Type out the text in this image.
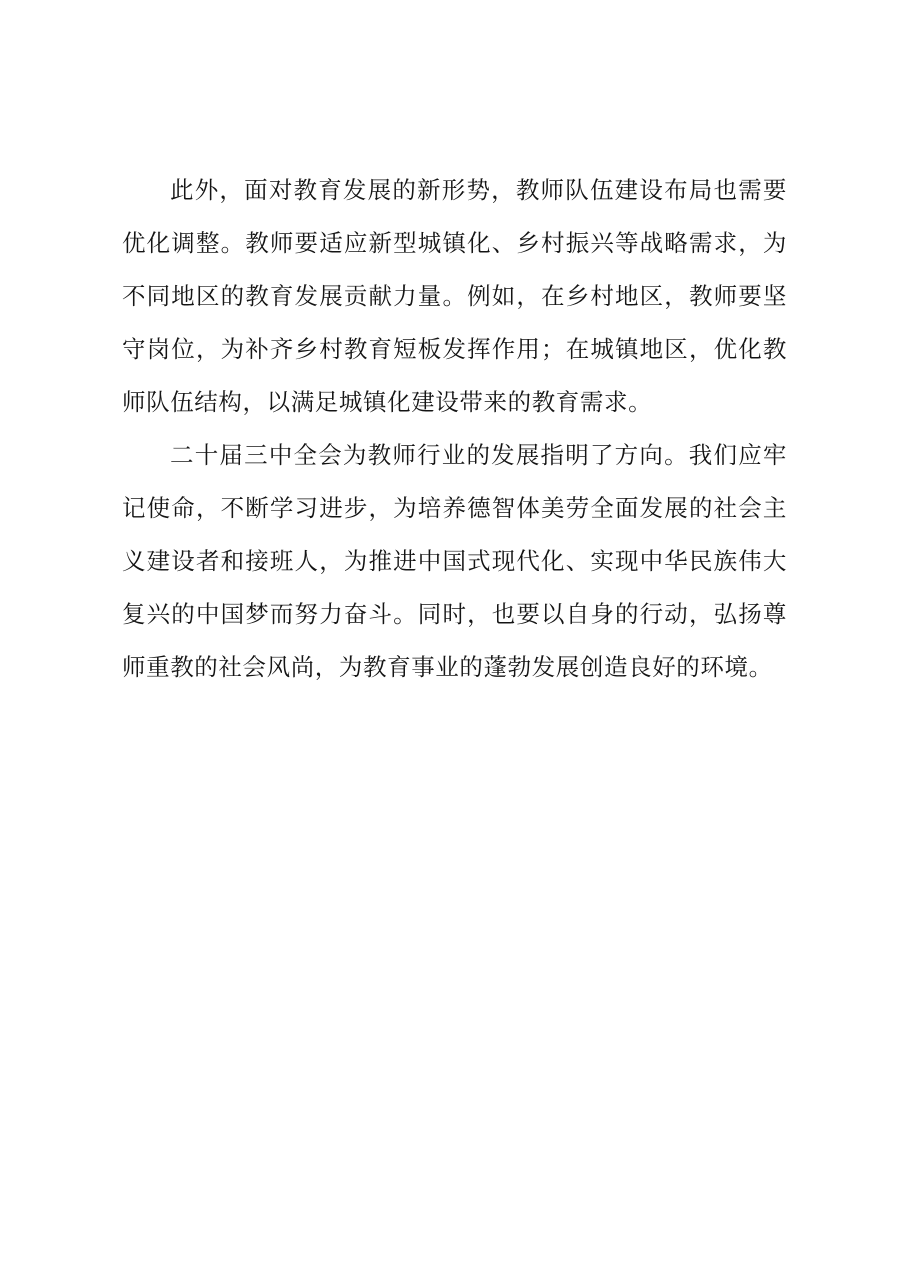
此外，面对教育发展的新形势，教师队伍建设布局也需要优化调整。教师要适应新型城镇化、乡村振兴等战略需求，为不同地区的教育发展贡献力量。例如，在乡村地区，教师要坚守岗位，为补齐乡村教育短板发挥作用；在城镇地区，优化教师队伍结构，以满足城镇化建设带来的教育需求。

二十届三中全会为教师行业的发展指明了方向。我们应牢记使命，不断学习进步，为培养德智体美劳全面发展的社会主义建设者和接班人，为推进中国式现代化、实现中华民族伟大复兴的中国梦而努力奋斗。同时，也要以自身的行动，弘扬尊师重教的社会风尚，为教育事业的蓬勃发展创造良好的环境。
